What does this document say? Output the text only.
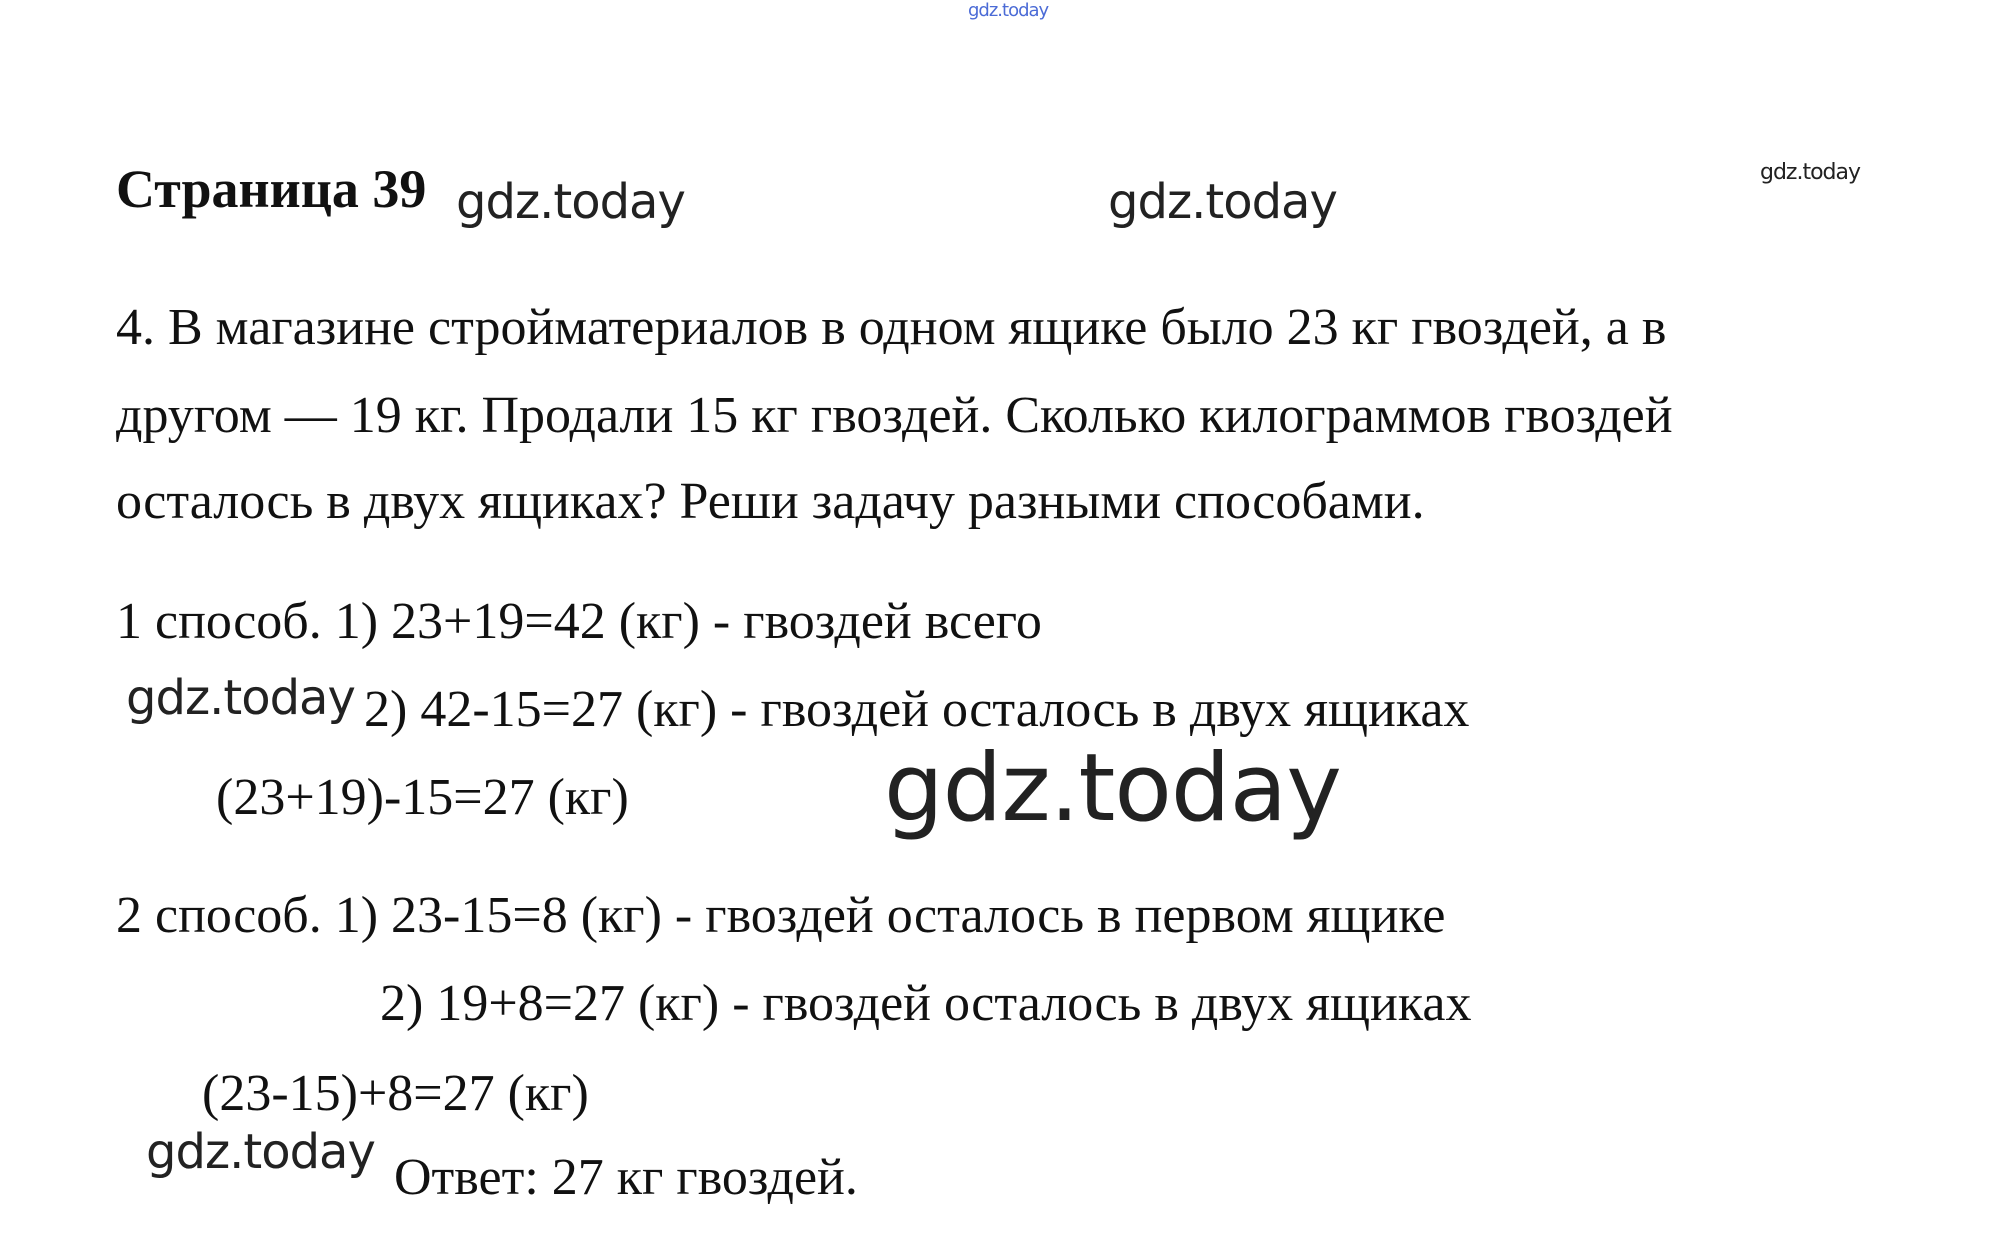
gdz.today
gdz.today
gdz.today	gdz.today
gdz.today
gdz.today
gdz.today
Страница 39
4. В магазине стройматериалов в одном ящике было 23 кг гвоздей, а в
другом — 19 кг. Продали 15 кг гвоздей. Сколько килограммов гвоздей
осталось в двух ящиках? Реши задачу разными способами.
1 способ. 1) 23+19=42 (кг) - гвоздей всего
2) 42-15=27 (кг) - гвоздей осталось в двух ящиках
(23+19)-15=27 (кг)
2 способ. 1) 23-15=8 (кг) - гвоздей осталось в первом ящике
2) 19+8=27 (кг) - гвоздей осталось в двух ящиках
(23-15)+8=27 (кг)
Ответ: 27 кг гвоздей.
